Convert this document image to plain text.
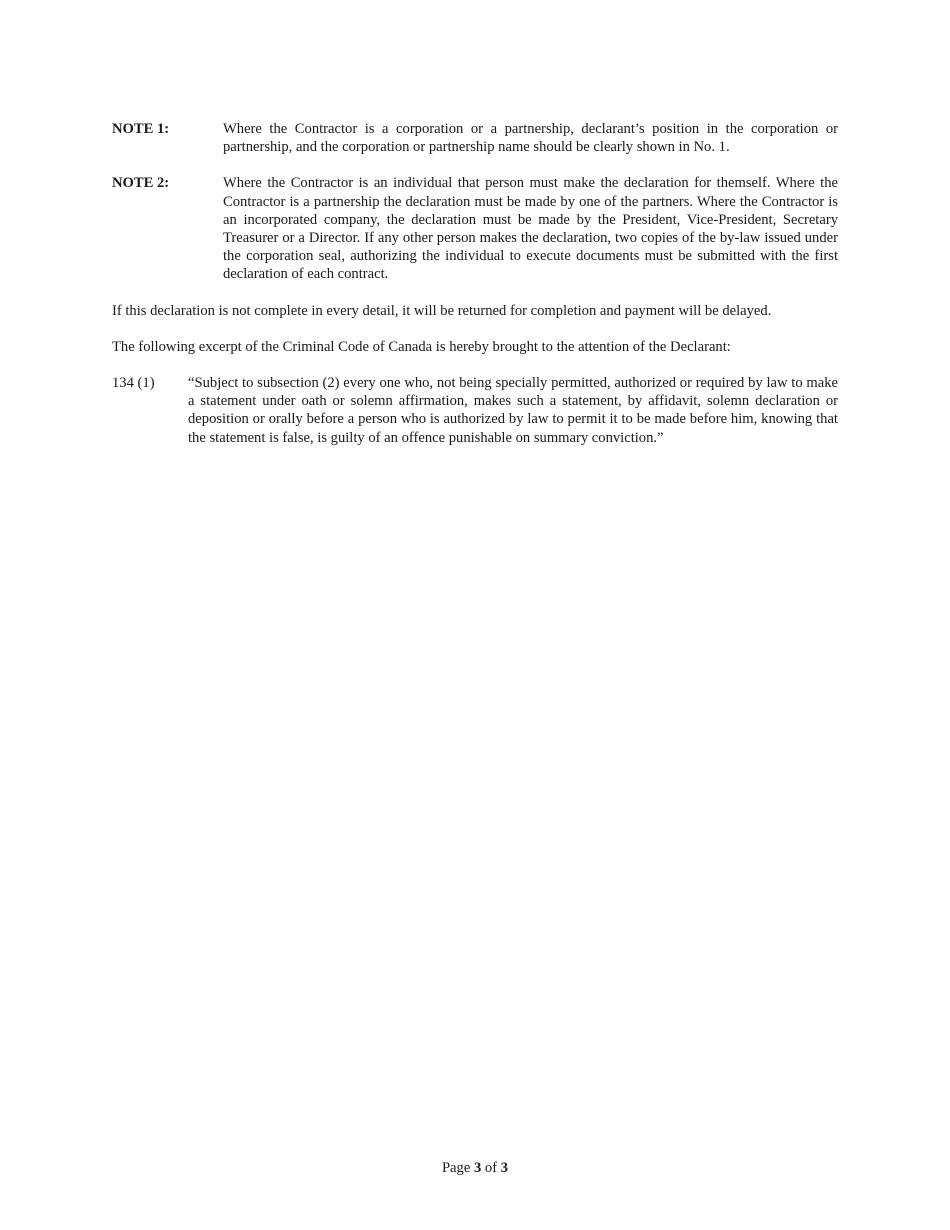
NOTE 1:	Where the Contractor is a corporation or a partnership, declarant’s position in the corporation or partnership, and the corporation or partnership name should be clearly shown in No. 1.
NOTE 2:	Where the Contractor is an individual that person must make the declaration for themself. Where the Contractor is a partnership the declaration must be made by one of the partners. Where the Contractor is an incorporated company, the declaration must be made by the President, Vice-President, Secretary Treasurer or a Director. If any other person makes the declaration, two copies of the by-law issued under the corporation seal, authorizing the individual to execute documents must be submitted with the first declaration of each contract.

If this declaration is not complete in every detail, it will be returned for completion and payment will be delayed.

The following excerpt of the Criminal Code of Canada is hereby brought to the attention of the Declarant:

134 (1)	“Subject to subsection (2) every one who, not being specially permitted, authorized or required by law to make a statement under oath or solemn affirmation, makes such a statement, by affidavit, solemn declaration or deposition or orally before a person who is authorized by law to permit it to be made before him, knowing that the statement is false, is guilty of an offence punishable on summary conviction.”
Page 3 of 3
